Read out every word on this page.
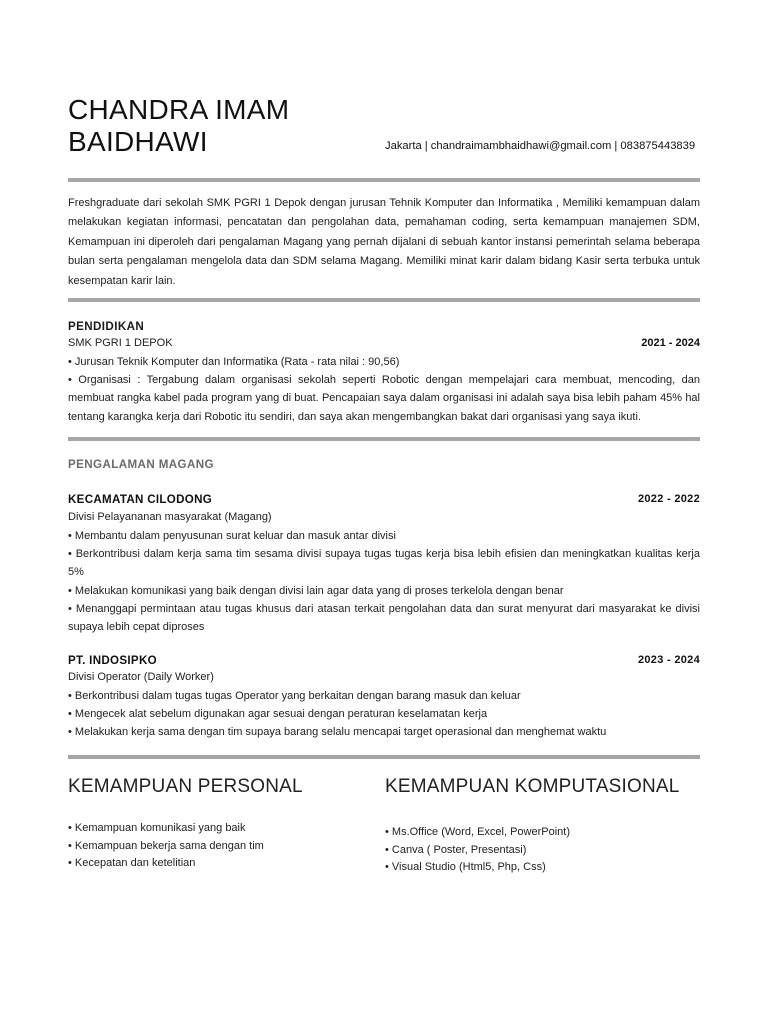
CHANDRA IMAM
BAIDHAWI	Jakarta | chandraimambhaidhawi@gmail.com | 083875443839
Freshgraduate dari sekolah SMK PGRI 1 Depok dengan jurusan Tehnik Komputer dan Informatika , Memiliki kemampuan dalam melakukan kegiatan informasi, pencatatan dan pengolahan data, pemahaman coding, serta kemampuan manajemen SDM, Kemampuan ini diperoleh dari pengalaman Magang yang pernah dijalani di sebuah kantor instansi pemerintah selama beberapa bulan serta pengalaman mengelola data dan SDM selama Magang. Memiliki minat karir dalam bidang Kasir serta terbuka untuk kesempatan karir lain.
PENDIDIKAN
SMK PGRI 1 DEPOK	2021 - 2024
• Jurusan Teknik Komputer dan Informatika (Rata - rata nilai : 90,56)
• Organisasi : Tergabung dalam organisasi sekolah seperti Robotic dengan mempelajari cara membuat, mencoding, dan membuat rangka kabel pada program yang di buat. Pencapaian saya dalam organisasi ini adalah saya bisa lebih paham 45% hal tentang karangka kerja dari Robotic itu sendiri, dan saya akan mengembangkan bakat dari organisasi yang saya ikuti.
PENGALAMAN MAGANG
KECAMATAN CILODONG	2022 - 2022
Divisi Pelayananan masyarakat (Magang)
• Membantu dalam penyusunan surat keluar dan masuk antar divisi
• Berkontribusi dalam kerja sama tim sesama divisi supaya tugas tugas kerja bisa lebih efisien dan meningkatkan kualitas kerja 5%
• Melakukan komunikasi yang baik dengan divisi lain agar data yang di proses terkelola dengan benar
• Menanggapi permintaan atau tugas khusus dari atasan terkait pengolahan data dan surat menyurat dari masyarakat ke divisi supaya lebih cepat diproses
PT. INDOSIPKO	2023 - 2024
Divisi Operator (Daily Worker)
• Berkontribusi dalam tugas tugas Operator yang berkaitan dengan barang masuk dan keluar
• Mengecek alat sebelum digunakan agar sesuai dengan peraturan keselamatan kerja
• Melakukan kerja sama dengan tim supaya barang selalu mencapai target operasional dan menghemat waktu
KEMAMPUAN PERSONAL
• Kemampuan komunikasi yang baik
• Kemampuan bekerja sama dengan tim
• Kecepatan dan ketelitian
KEMAMPUAN KOMPUTASIONAL
• Ms.Office (Word, Excel, PowerPoint)
• Canva ( Poster, Presentasi)
• Visual Studio (Html5, Php, Css)
